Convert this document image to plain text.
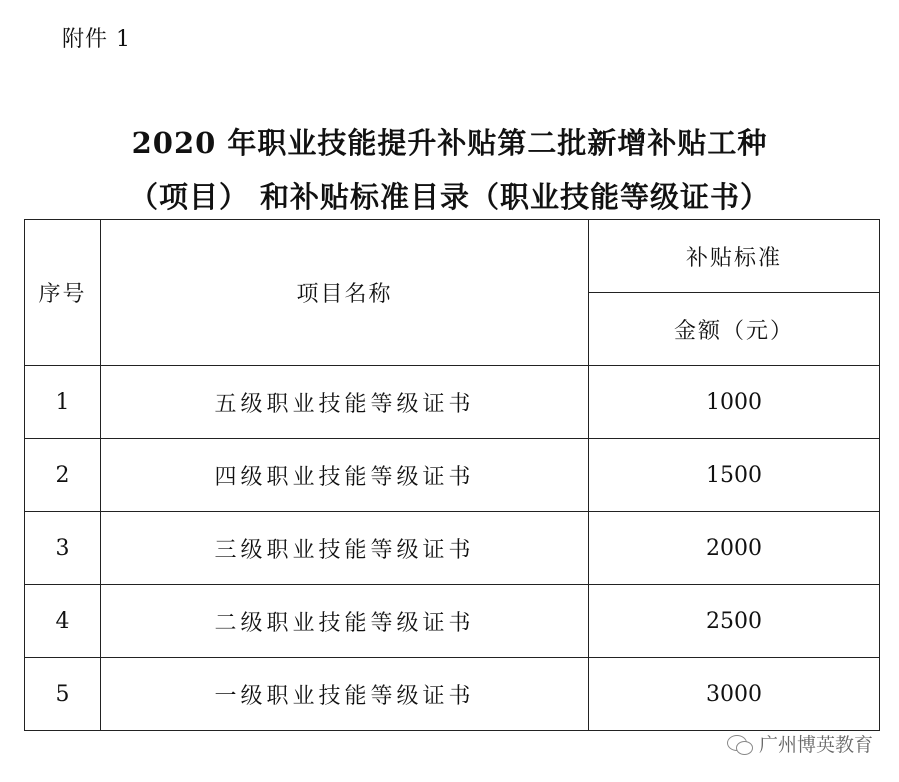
附件 1
2020 年职业技能提升补贴第二批新增补贴工种
（项目） 和补贴标准目录（职业技能等级证书）
序号	项目名称	补贴标准
		金额（元）
1	五级职业技能等级证书	1000
2	四级职业技能等级证书	1500
3	三级职业技能等级证书	2000
4	二级职业技能等级证书	2500
5	一级职业技能等级证书	3000
广州博英教育
